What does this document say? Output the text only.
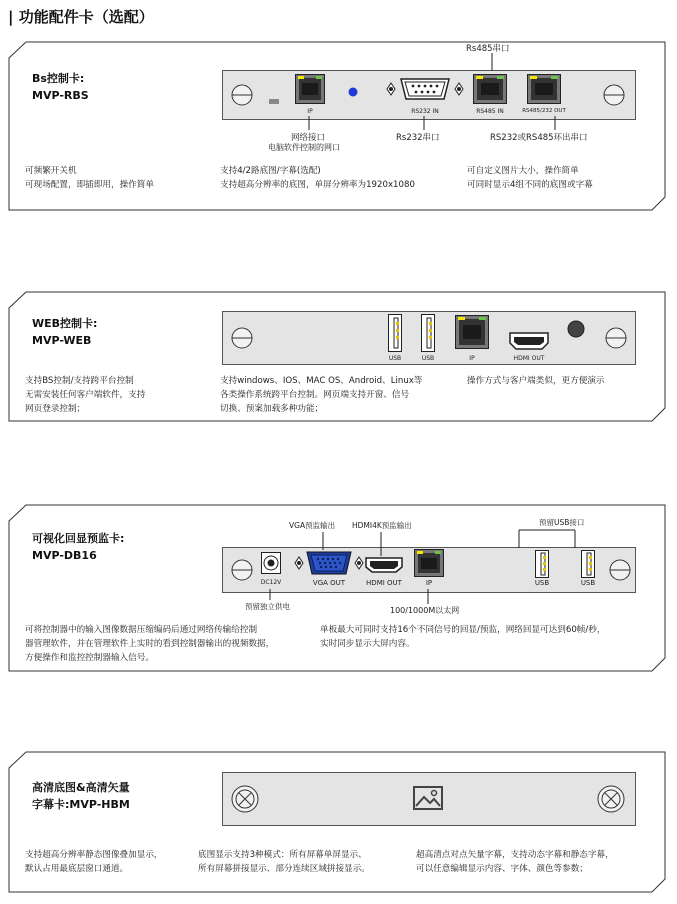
| 功能配件卡（选配）
Bs控制卡:
MVP-RBS
IP	RS232 IN	RS485 IN	RS485/232 OUT
Rs485串口
网络接口
电脑软件控制的网口
Rs232串口	RS232或RS485环出串口
可频繁开关机
可现场配置，即插即用，操作简单
支持4/2路底图/字幕(选配)
支持超高分辨率的底图，单屏分辨率为1920x1080
可自定义图片大小，操作简单
可同时显示4组不同的底图或字幕
WEB控制卡:
MVP-WEB
USB	USB	IP	HDMI OUT
支持BS控制/支持跨平台控制
无需安装任何客户端软件，支持
网页登录控制；
支持windows、IOS、MAC OS、Android、Linux等
各类操作系统跨平台控制。网页端支持开窗、信号
切换、预案加载多种功能；
操作方式与客户端类似，更方便演示
可视化回显预监卡:
MVP-DB16
VGA预监输出 HDMI4K预监输出	预留USB接口
DC12V	VGA OUT	HDMI OUT	IP	USB	USB
预留独立供电	100/1000M以太网
可将控制器中的输入图像数据压缩编码后通过网络传输给控制
器管理软件，并在管理软件上实时的看到控制器输出的视频数据，
方便操作和监控控制器输入信号。
单板最大可同时支持16个不同信号的回显/预监，网络回显可达到60帧/秒，
实时同步显示大屏内容。
高清底图&高清矢量
字幕卡:MVP-HBM
支持超高分辨率静态图像叠加显示，
默认占用最底层窗口通道。
底图显示支持3种模式：所有屏幕单屏显示、
所有屏幕拼接显示、部分连续区域拼接显示。
超高清点对点矢量字幕，支持动态字幕和静态字幕，
可以任意编辑显示内容、字体、颜色等参数；
